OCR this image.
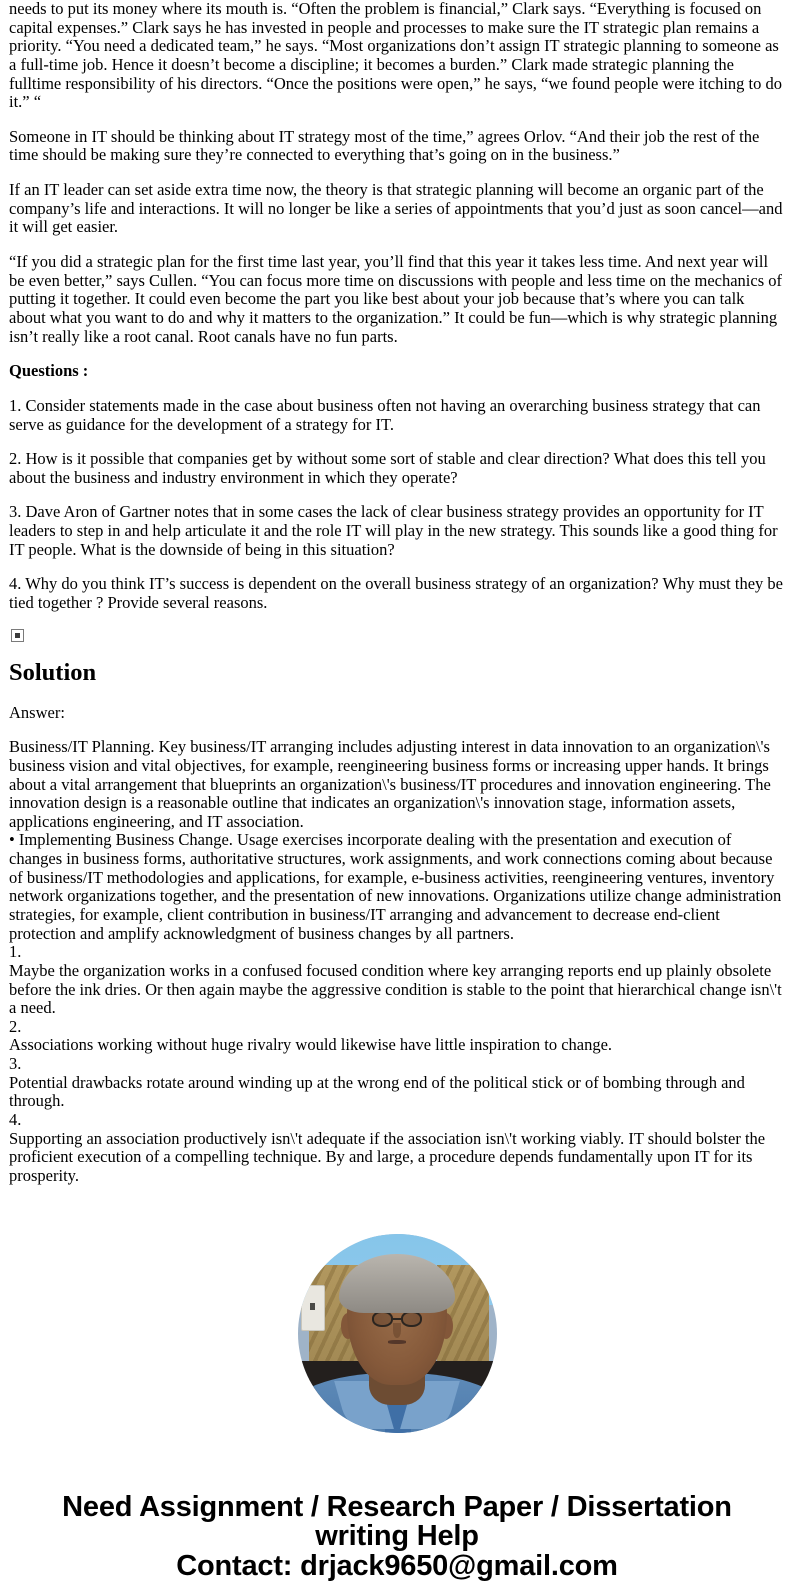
needs to put its money where its mouth is. “Often the problem is financial,” Clark says. “Everything is focused on capital expenses.” Clark says he has invested in people and processes to make sure the IT strategic plan remains a priority. “You need a dedicated team,” he says. “Most organizations don’t assign IT strategic planning to someone as a full-time job. Hence it doesn’t become a discipline; it becomes a burden.” Clark made strategic planning the fulltime responsibility of his directors. “Once the positions were open,” he says, “we found people were itching to do it.” “

Someone in IT should be thinking about IT strategy most of the time,” agrees Orlov. “And their job the rest of the time should be making sure they’re connected to everything that’s going on in the business.”

If an IT leader can set aside extra time now, the theory is that strategic planning will become an organic part of the company’s life and interactions. It will no longer be like a series of appointments that you’d just as soon cancel—and it will get easier.

“If you did a strategic plan for the first time last year, you’ll find that this year it takes less time. And next year will be even better,” says Cullen. “You can focus more time on discussions with people and less time on the mechanics of putting it together. It could even become the part you like best about your job because that’s where you can talk about what you want to do and why it matters to the organization.” It could be fun—which is why strategic planning isn’t really like a root canal. Root canals have no fun parts.

Questions :

1. Consider statements made in the case about business often not having an overarching business strategy that can serve as guidance for the development of a strategy for IT.

2. How is it possible that companies get by without some sort of stable and clear direction? What does this tell you about the business and industry environment in which they operate?

3. Dave Aron of Gartner notes that in some cases the lack of clear business strategy provides an opportunity for IT leaders to step in and help articulate it and the role IT will play in the new strategy. This sounds like a good thing for IT people. What is the downside of being in this situation?

4. Why do you think IT’s success is dependent on the overall business strategy of an organization? Why must they be tied together ? Provide several reasons.

Solution

Answer:

Business/IT Planning. Key business/IT arranging includes adjusting interest in data innovation to an organization\'s business vision and vital objectives, for example, reengineering business forms or increasing upper hands. It brings about a vital arrangement that blueprints an organization\'s business/IT procedures and innovation engineering. The innovation design is a reasonable outline that indicates an organization\'s innovation stage, information assets, applications engineering, and IT association.

• Implementing Business Change. Usage exercises incorporate dealing with the presentation and execution of changes in business forms, authoritative structures, work assignments, and work connections coming about because of business/IT methodologies and applications, for example, e-business activities, reengineering ventures, inventory network organizations together, and the presentation of new innovations. Organizations utilize change administration strategies, for example, client contribution in business/IT arranging and advancement to decrease end-client protection and amplify acknowledgment of business changes by all partners.

1.

Maybe the organization works in a confused focused condition where key arranging reports end up plainly obsolete before the ink dries. Or then again maybe the aggressive condition is stable to the point that hierarchical change isn\'t a need.

2.

Associations working without huge rivalry would likewise have little inspiration to change.

3.

Potential drawbacks rotate around winding up at the wrong end of the political stick or of bombing through and through.

4.

Supporting an association productively isn\'t adequate if the association isn\'t working viably. IT should bolster the proficient execution of a compelling technique. By and large, a procedure depends fundamentally upon IT for its prosperity.

Need Assignment / Research Paper / Dissertation
writing Help
Contact: drjack9650@gmail.com
